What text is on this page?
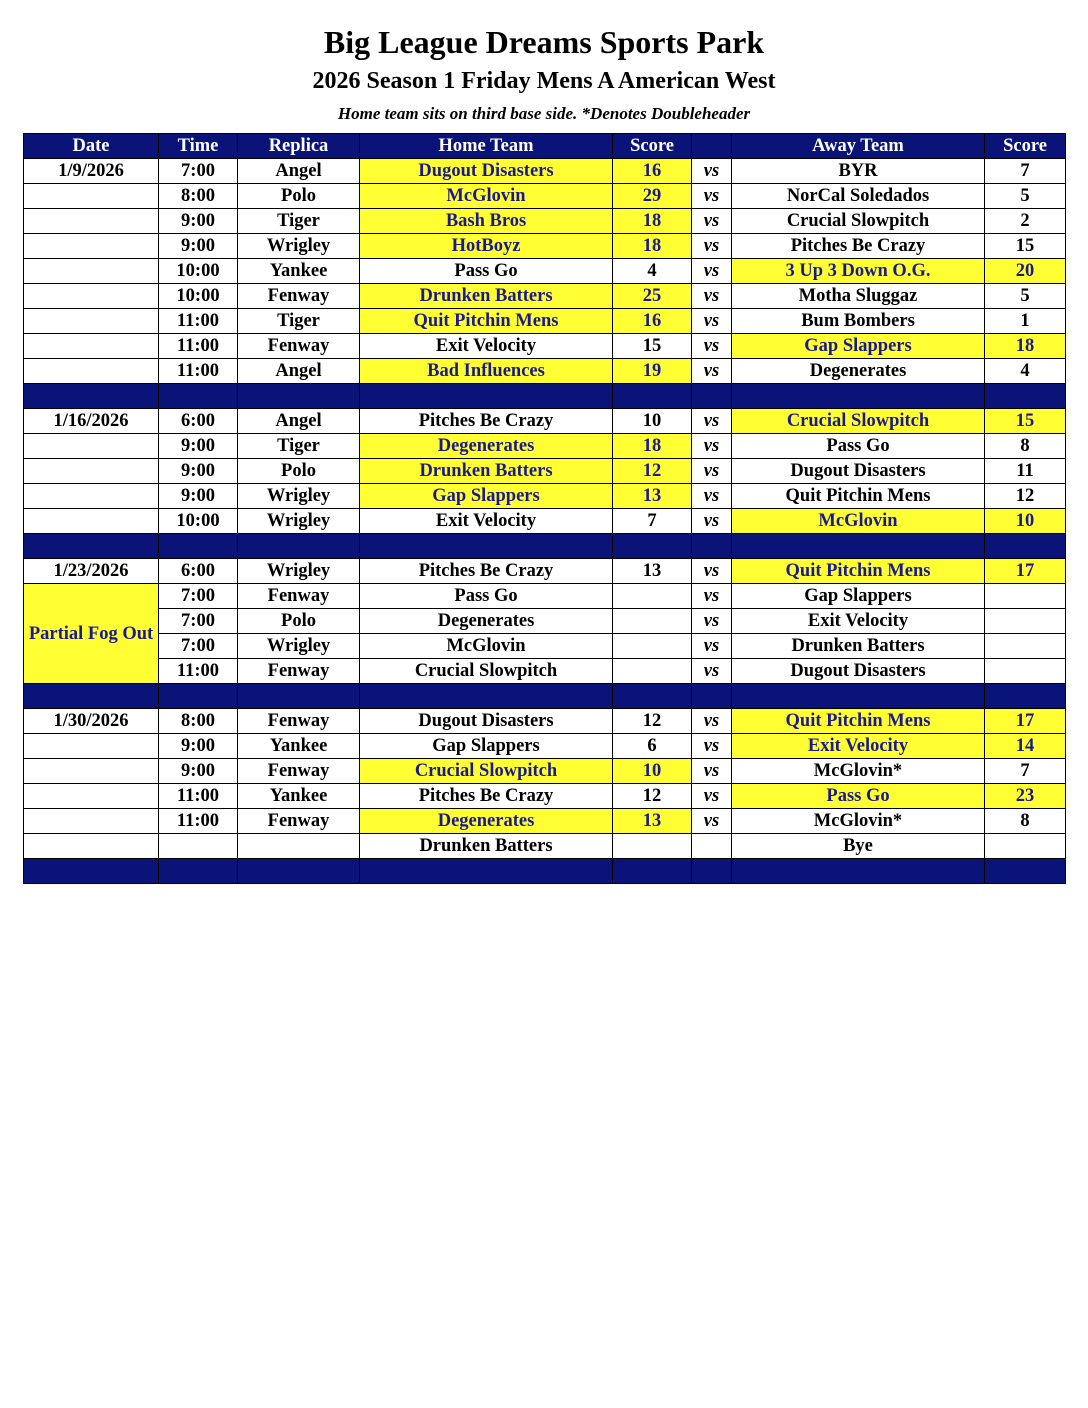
Big League Dreams Sports Park
2026 Season 1 Friday Mens A American West
Home team sits on third base side. *Denotes Doubleheader
Date	Time	Replica	Home Team	Score		Away Team	Score
1/9/2026	7:00	Angel	Dugout Disasters	16	vs	BYR	7
	8:00	Polo	McGlovin	29	vs	NorCal Soledados	5
	9:00	Tiger	Bash Bros	18	vs	Crucial Slowpitch	2
	9:00	Wrigley	HotBoyz	18	vs	Pitches Be Crazy	15
	10:00	Yankee	Pass Go	4	vs	3 Up 3 Down O.G.	20
	10:00	Fenway	Drunken Batters	25	vs	Motha Sluggaz	5
	11:00	Tiger	Quit Pitchin Mens	16	vs	Bum Bombers	1
	11:00	Fenway	Exit Velocity	15	vs	Gap Slappers	18
	11:00	Angel	Bad Influences	19	vs	Degenerates	4

1/16/2026	6:00	Angel	Pitches Be Crazy	10	vs	Crucial Slowpitch	15
	9:00	Tiger	Degenerates	18	vs	Pass Go	8
	9:00	Polo	Drunken Batters	12	vs	Dugout Disasters	11
	9:00	Wrigley	Gap Slappers	13	vs	Quit Pitchin Mens	12
	10:00	Wrigley	Exit Velocity	7	vs	McGlovin	10

1/23/2026	6:00	Wrigley	Pitches Be Crazy	13	vs	Quit Pitchin Mens	17
Partial Fog Out	7:00	Fenway	Pass Go		vs	Gap Slappers	
	7:00	Polo	Degenerates		vs	Exit Velocity	
	7:00	Wrigley	McGlovin		vs	Drunken Batters	
	11:00	Fenway	Crucial Slowpitch		vs	Dugout Disasters	

1/30/2026	8:00	Fenway	Dugout Disasters	12	vs	Quit Pitchin Mens	17
	9:00	Yankee	Gap Slappers	6	vs	Exit Velocity	14
	9:00	Fenway	Crucial Slowpitch	10	vs	McGlovin*	7
	11:00	Yankee	Pitches Be Crazy	12	vs	Pass Go	23
	11:00	Fenway	Degenerates	13	vs	McGlovin*	8
			Drunken Batters			Bye	
